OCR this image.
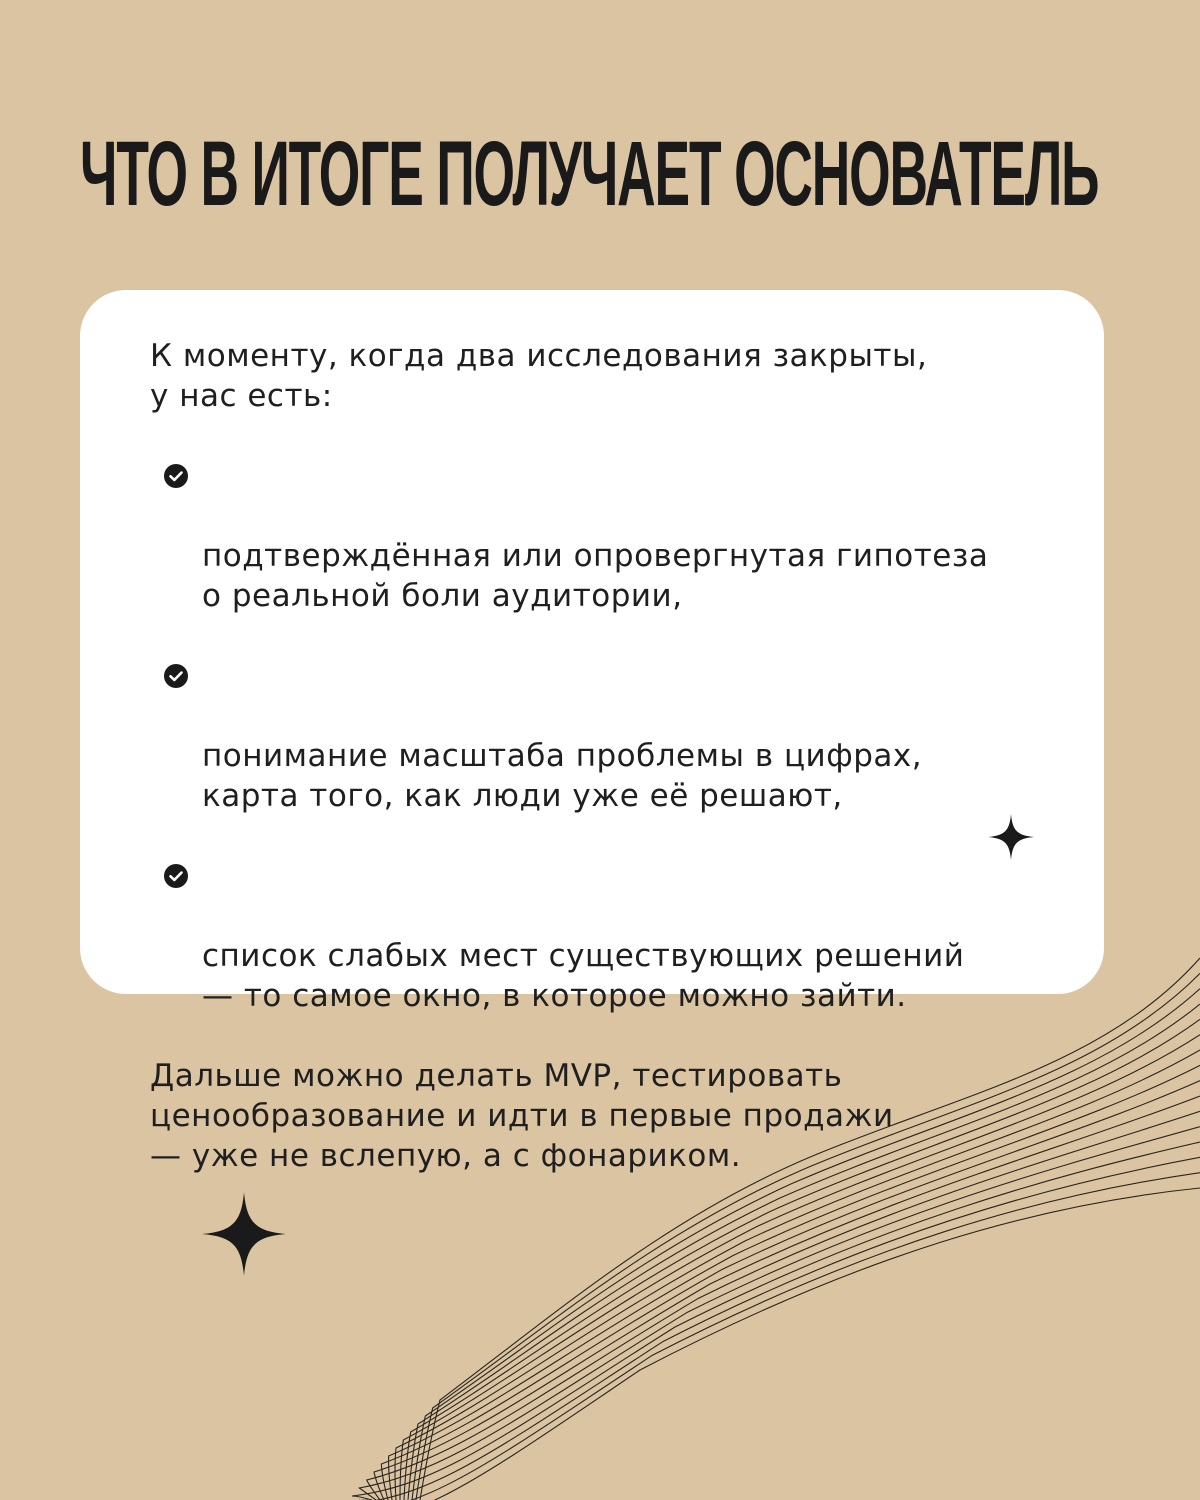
ЧТО В ИТОГЕ ПОЛУЧАЕТ ОСНОВАТЕЛЬ

К моменту, когда два исследования закрыты,
у нас есть:

подтверждённая или опровергнутая гипотеза
о реальной боли аудитории,

понимание масштаба проблемы в цифрах,
карта того, как люди уже её решают,

список слабых мест существующих решений
— то самое окно, в которое можно зайти.

Дальше можно делать MVP, тестировать
ценообразование и идти в первые продажи
— уже не вслепую, а с фонариком.
